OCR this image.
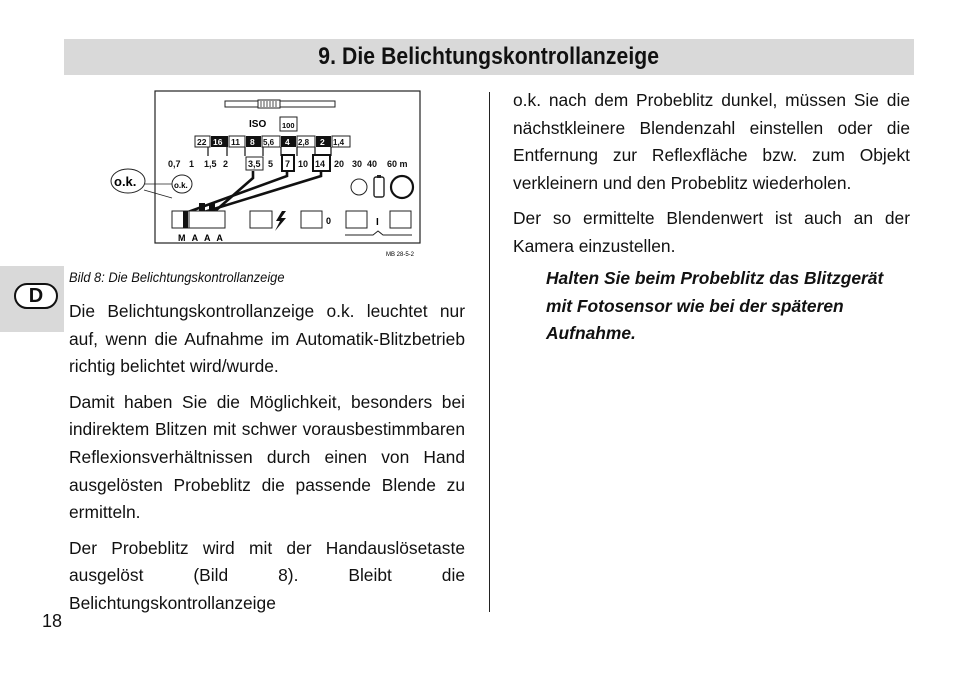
9. Die Belichtungskontrollanzeige
D
ISO 100
22 16 11 8 5,6 4 2,8 2 1,4
0,7 1 1,5 2 3,5 5 7 10 14 20 30 40 60 m
o.k.	o.k.
M A A A
0	I
MB 28-5-2
Bild 8: Die Belichtungskontrollanzeige

Die Belichtungskontrollanzeige o.k. leuchtet nur auf, wenn die Aufnahme im Automatik-Blitzbetrieb richtig belichtet wird/wurde.

Damit haben Sie die Möglichkeit, besonders bei indirektem Blitzen mit schwer vorausbestimmbaren Reflexionsverhältnissen durch einen von Hand ausgelösten Probeblitz die passende Blende zu ermitteln.

Der Probeblitz wird mit der Handauslösetaste ausgelöst (Bild 8). Bleibt die Belichtungskontrollanzeige

o.k. nach dem Probeblitz dunkel, müssen Sie die nächstkleinere Blendenzahl einstellen oder die Entfernung zur Reflexfläche bzw. zum Objekt verkleinern und den Probeblitz wiederholen.

Der so ermittelte Blendenwert ist auch an der Kamera einzustellen.

Halten Sie beim Probeblitz das Blitzgerät mit Fotosensor wie bei der späteren Aufnahme.
18
